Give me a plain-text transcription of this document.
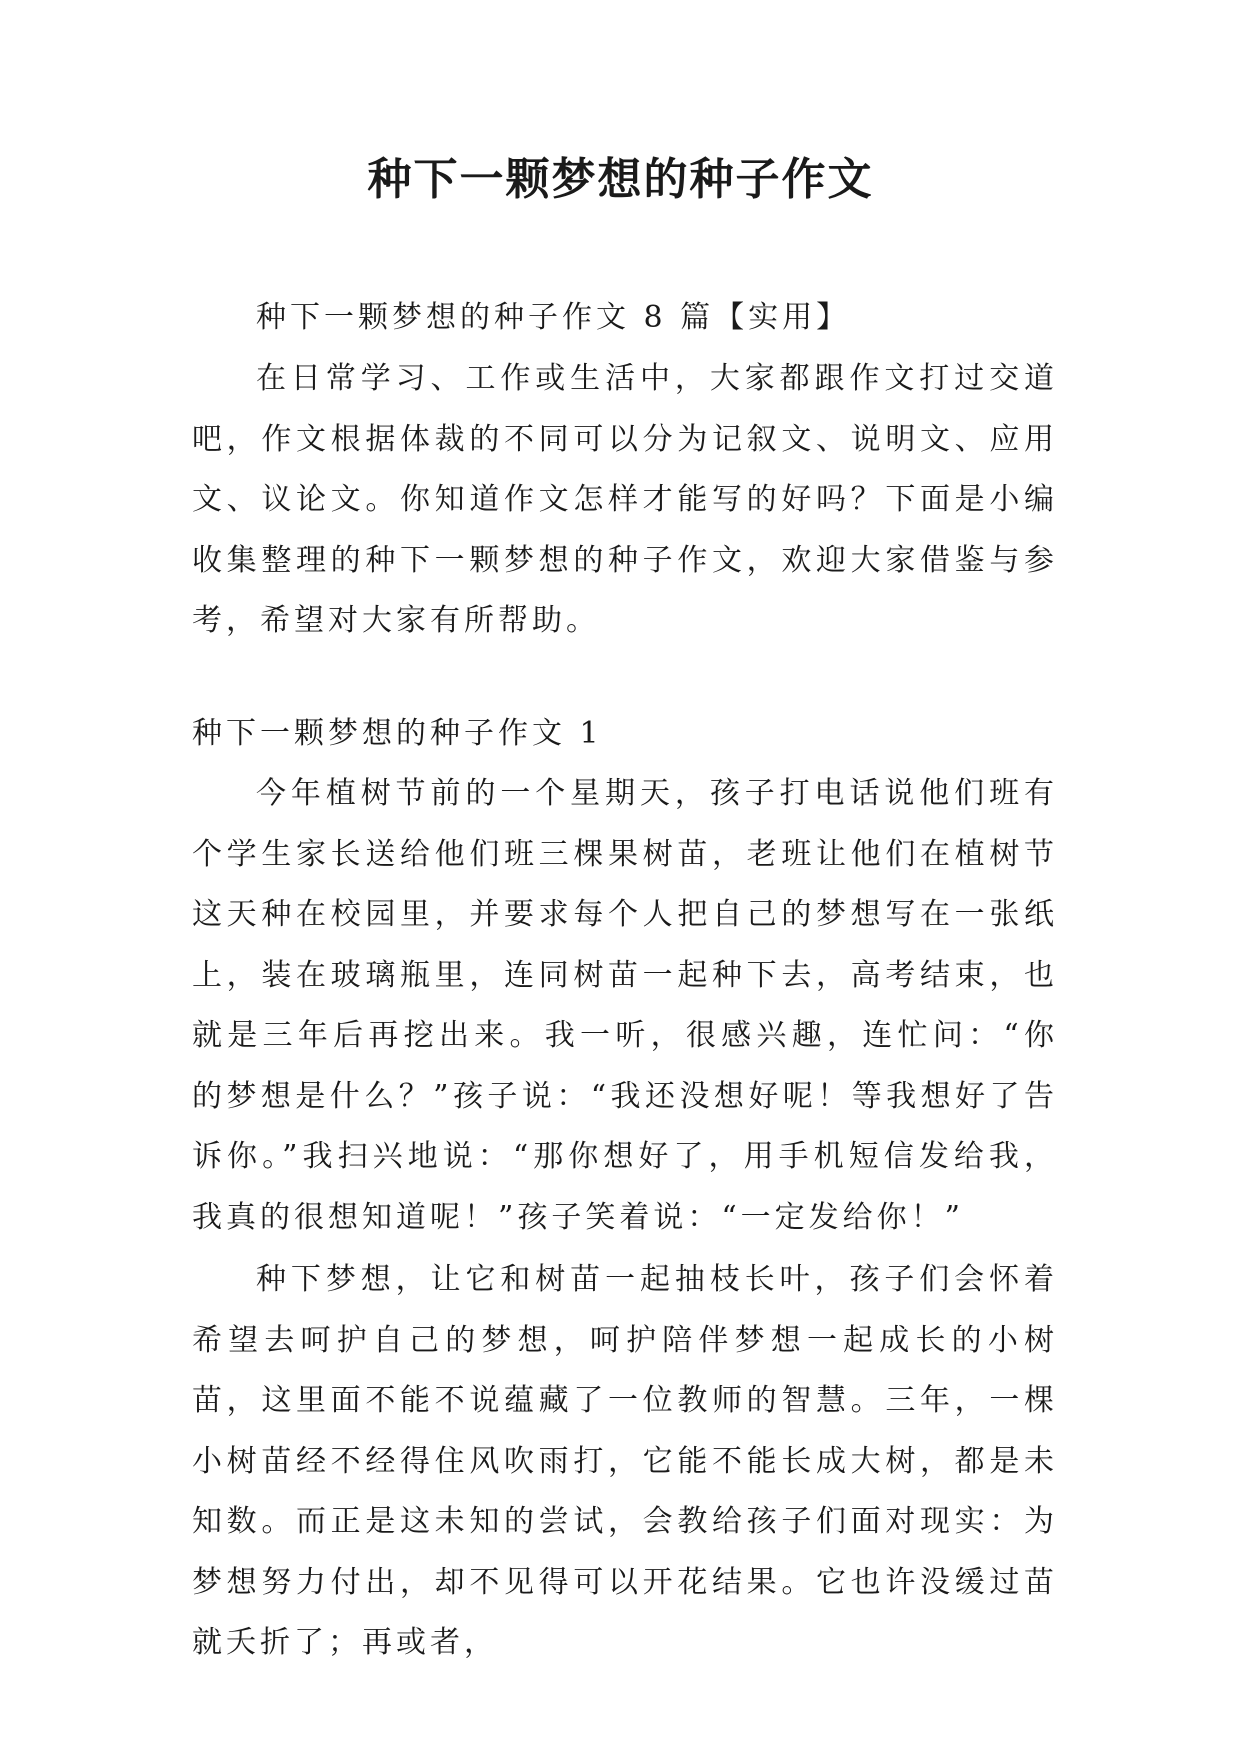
种下一颗梦想的种子作文

种下一颗梦想的种子作文 8 篇【实用】

在日常学习、工作或生活中，大家都跟作文打过交道吧，作文根据体裁的不同可以分为记叙文、说明文、应用文、议论文。你知道作文怎样才能写的好吗？下面是小编收集整理的种下一颗梦想的种子作文，欢迎大家借鉴与参考，希望对大家有所帮助。

种下一颗梦想的种子作文 1

今年植树节前的一个星期天，孩子打电话说他们班有个学生家长送给他们班三棵果树苗，老班让他们在植树节这天种在校园里，并要求每个人把自己的梦想写在一张纸上，装在玻璃瓶里，连同树苗一起种下去，高考结束，也就是三年后再挖出来。我一听，很感兴趣，连忙问：“你的梦想是什么？”孩子说：“我还没想好呢！等我想好了告诉你。”我扫兴地说：“那你想好了，用手机短信发给我，我真的很想知道呢！”孩子笑着说：“一定发给你！”

种下梦想，让它和树苗一起抽枝长叶，孩子们会怀着希望去呵护自己的梦想，呵护陪伴梦想一起成长的小树苗，这里面不能不说蕴藏了一位教师的智慧。三年，一棵小树苗经不经得住风吹雨打，它能不能长成大树，都是未知数。而正是这未知的尝试，会教给孩子们面对现实：为梦想努力付出，却不见得可以开花结果。它也许没缓过苗就夭折了；再或者，
